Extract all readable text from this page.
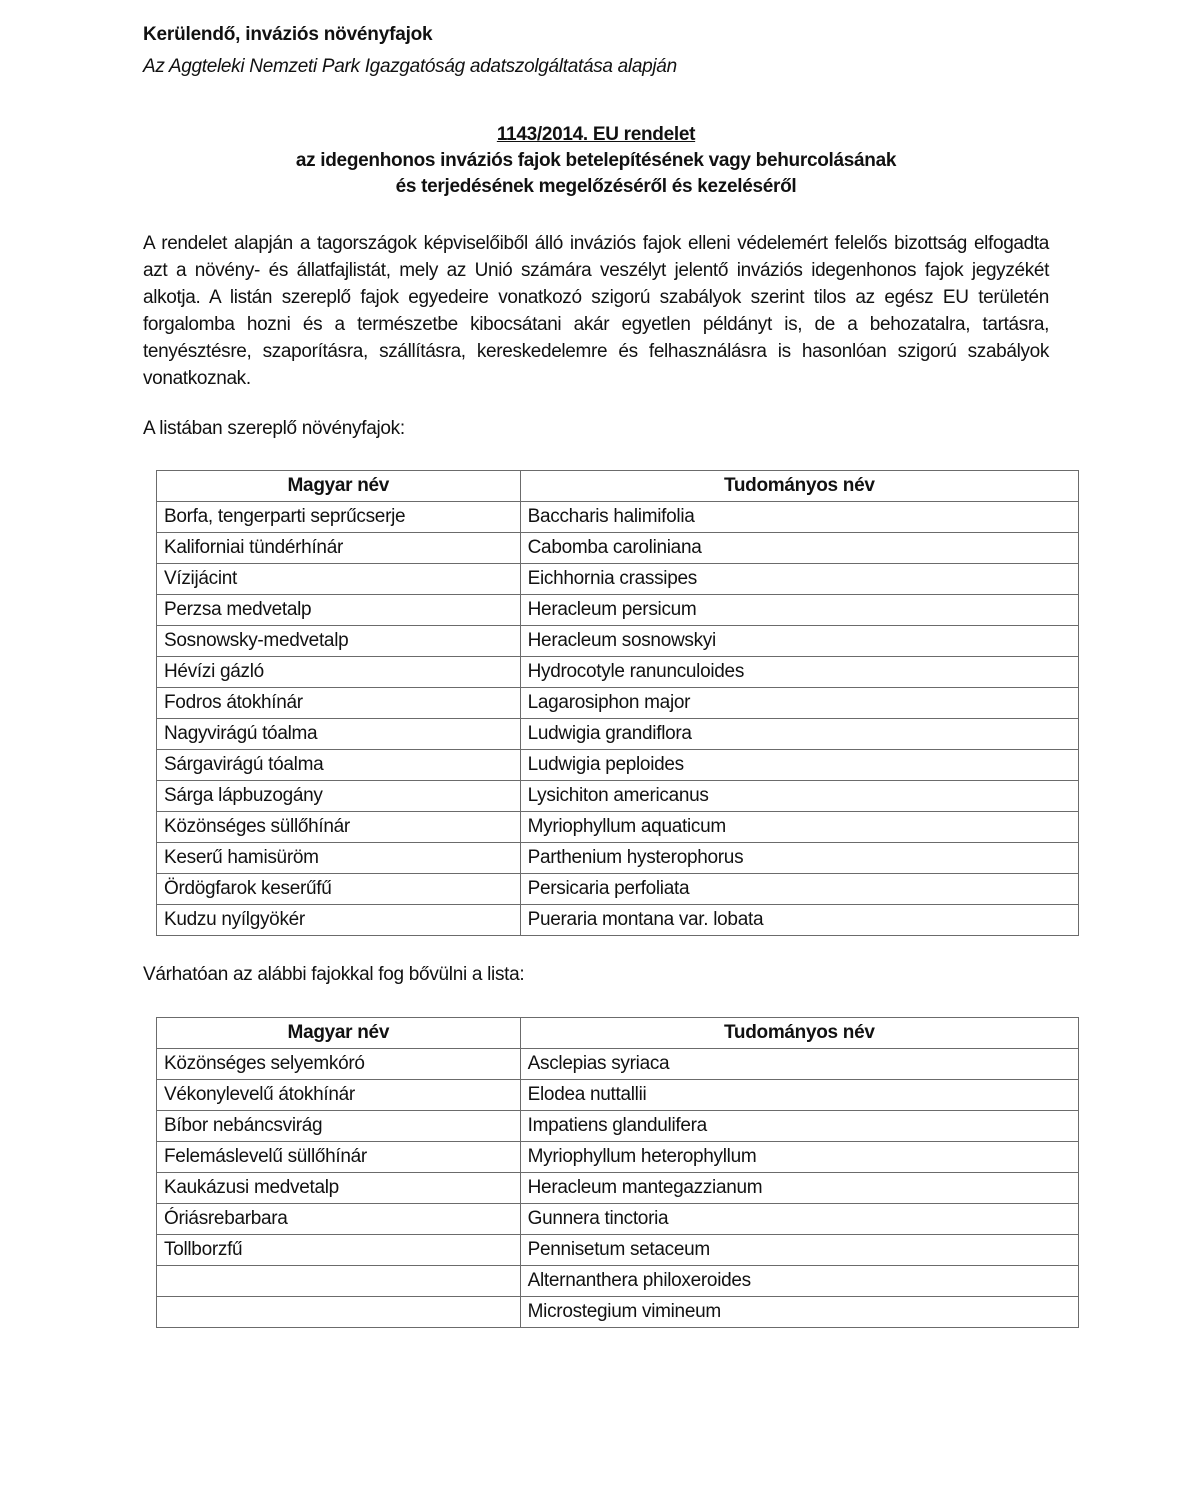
Kerülendő, inváziós növényfajok
Az Aggteleki Nemzeti Park Igazgatóság adatszolgáltatása alapján
1143/2014. EU rendelet
az idegenhonos inváziós fajok betelepítésének vagy behurcolásának
és terjedésének megelőzéséről és kezeléséről
A rendelet alapján a tagországok képviselőiből álló inváziós fajok elleni védelemért felelős bizottság elfogadta azt a növény- és állatfajlistát, mely az Unió számára veszélyt jelentő inváziós idegenhonos fajok jegyzékét alkotja. A listán szereplő fajok egyedeire vonatkozó szigorú szabályok szerint tilos az egész EU területén forgalomba hozni és a természetbe kibocsátani akár egyetlen példányt is, de a behozatalra, tartásra, tenyésztésre, szaporításra, szállításra, kereskedelemre és felhasználásra is hasonlóan szigorú szabályok vonatkoznak.
A listában szereplő növényfajok:
Magyar név	Tudományos név
Borfa, tengerparti seprűcserje	Baccharis halimifolia
Kaliforniai tündérhínár	Cabomba caroliniana
Vízijácint	Eichhornia crassipes
Perzsa medvetalp	Heracleum persicum
Sosnowsky-medvetalp	Heracleum sosnowskyi
Hévízi gázló	Hydrocotyle ranunculoides
Fodros átokhínár	Lagarosiphon major
Nagyvirágú tóalma	Ludwigia grandiflora
Sárgavirágú tóalma	Ludwigia peploides
Sárga lápbuzogány	Lysichiton americanus
Közönséges süllőhínár	Myriophyllum aquaticum
Keserű hamisüröm	Parthenium hysterophorus
Ördögfarok keserűfű	Persicaria perfoliata
Kudzu nyílgyökér	Pueraria montana var. lobata
Várhatóan az alábbi fajokkal fog bővülni a lista:
Magyar név	Tudományos név
Közönséges selyemkóró	Asclepias syriaca
Vékonylevelű átokhínár	Elodea nuttallii
Bíbor nebáncsvirág	Impatiens glandulifera
Felemáslevelű süllőhínár	Myriophyllum heterophyllum
Kaukázusi medvetalp	Heracleum mantegazzianum
Óriásrebarbara	Gunnera tinctoria
Tollborzfű	Pennisetum setaceum
	Alternanthera philoxeroides
	Microstegium vimineum
